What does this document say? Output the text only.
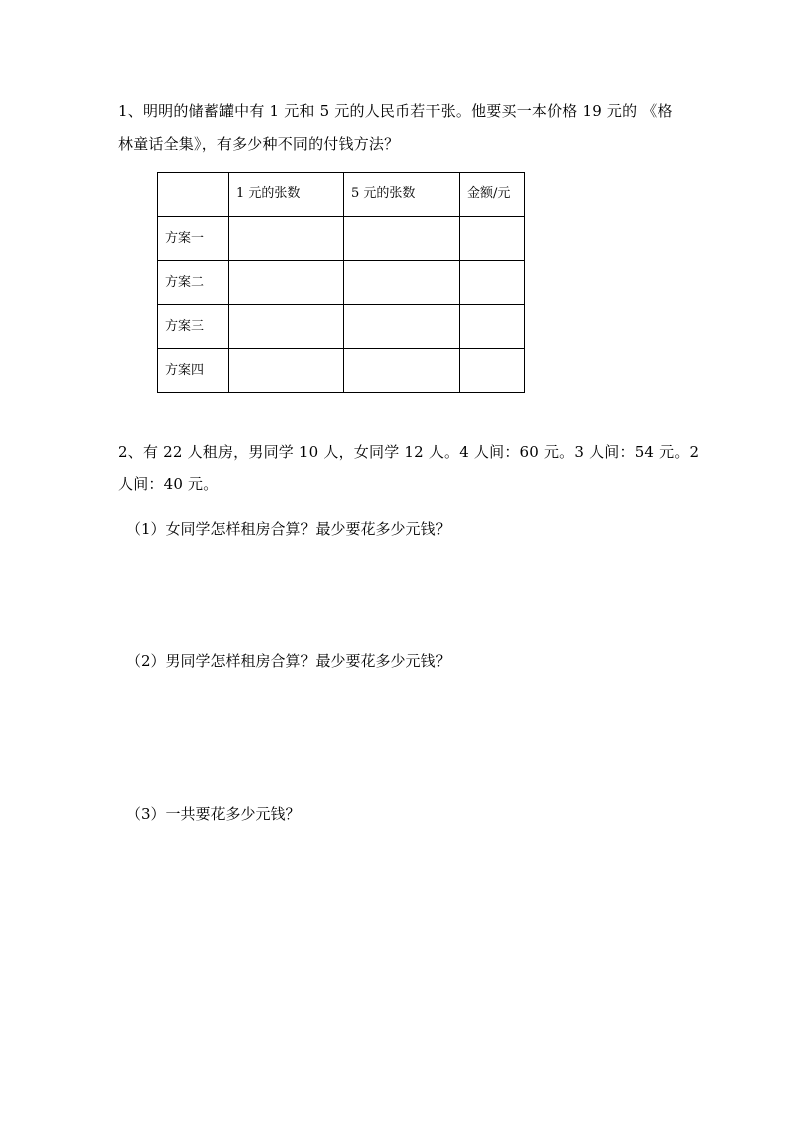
1、明明的储蓄罐中有 1 元和 5 元的人民币若干张。他要买一本价格 19 元的 《格
林童话全集》，有多少种不同的付钱方法？
	1 元的张数	5 元的张数	金额/元
方案一			
方案二			
方案三			
方案四			
2、有 22 人租房，男同学 10 人，女同学 12 人。4 人间：60 元。3 人间：54 元。2
人间：40 元。
（1）女同学怎样租房合算？最少要花多少元钱？
（2）男同学怎样租房合算？最少要花多少元钱？
（3）一共要花多少元钱？
